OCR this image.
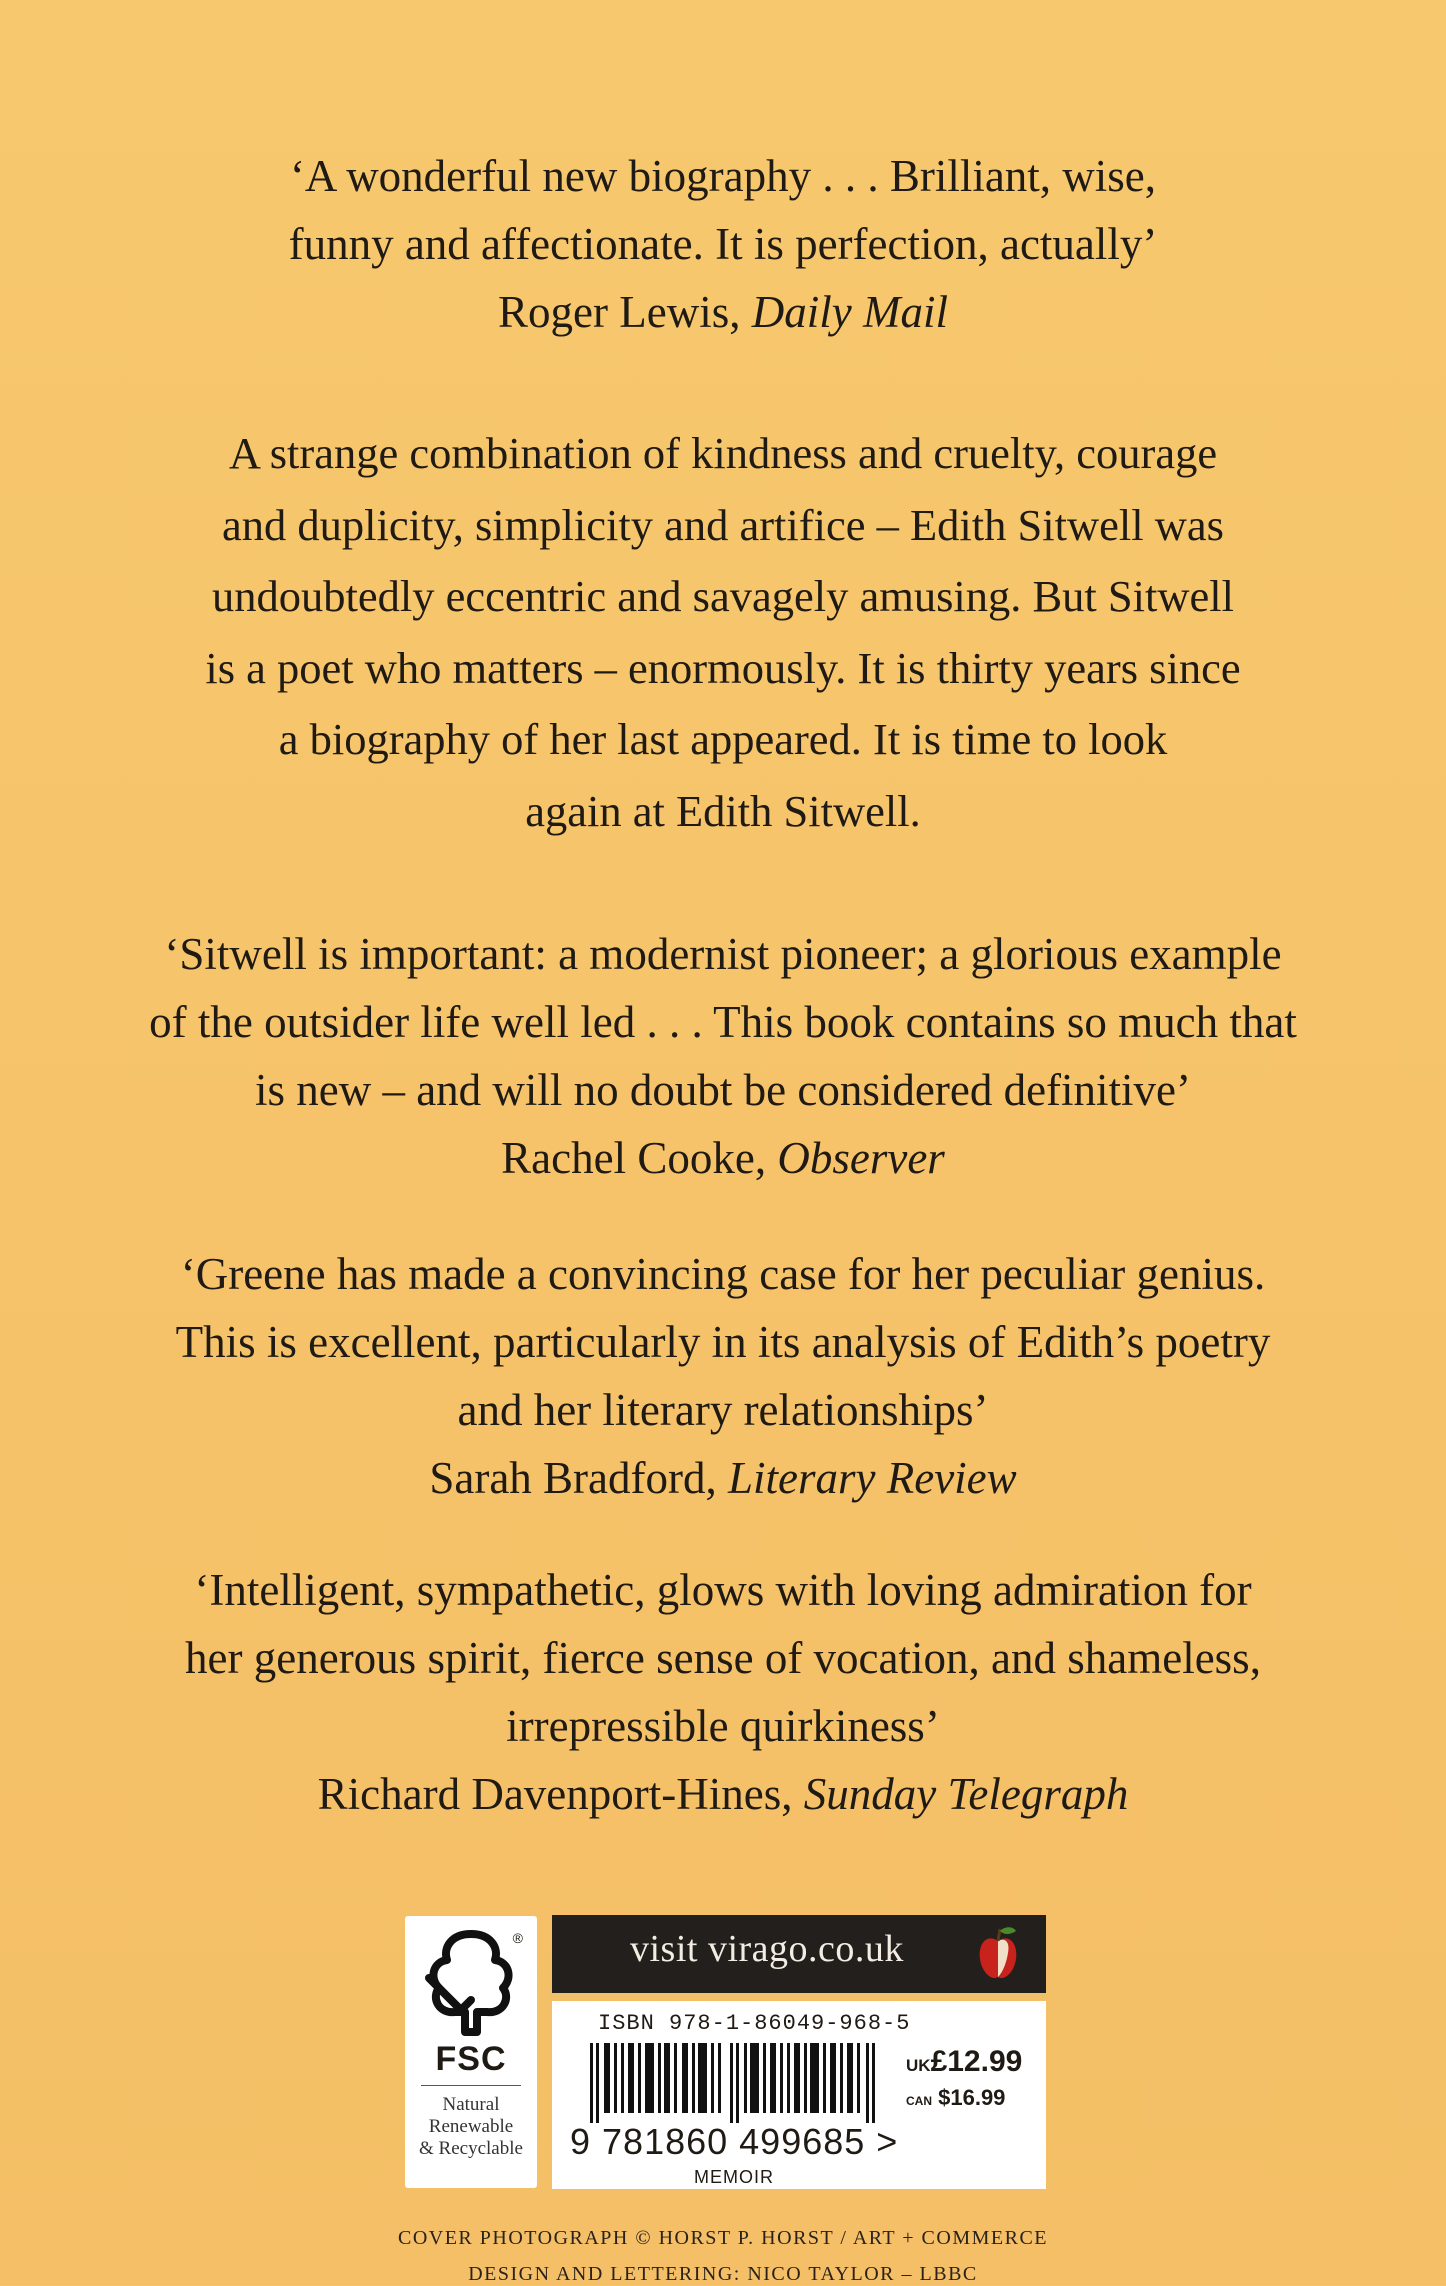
‘A wonderful new biography . . . Brilliant, wise,
funny and affectionate. It is perfection, actually’
Roger Lewis, Daily Mail
A strange combination of kindness and cruelty, courage
and duplicity, simplicity and artifice – Edith Sitwell was
undoubtedly eccentric and savagely amusing. But Sitwell
is a poet who matters – enormously. It is thirty years since
a biography of her last appeared. It is time to look
again at Edith Sitwell.
‘Sitwell is important: a modernist pioneer; a glorious example
of the outsider life well led . . . This book contains so much that
is new – and will no doubt be considered definitive’
Rachel Cooke, Observer
‘Greene has made a convincing case for her peculiar genius.
This is excellent, particularly in its analysis of Edith’s poetry
and her literary relationships’
Sarah Bradford, Literary Review
‘Intelligent, sympathetic, glows with loving admiration for
her generous spirit, fierce sense of vocation, and shameless,
irrepressible quirkiness’
Richard Davenport-Hines, Sunday Telegraph
®
FSC
Natural
Renewable
& Recyclable
visit virago.co.uk
ISBN 978-1-86049-968-5
9 781860 499685 >
UK£12.99
CAN $16.99
MEMOIR
COVER PHOTOGRAPH © HORST P. HORST / ART + COMMERCE
DESIGN AND LETTERING: NICO TAYLOR – LBBC
